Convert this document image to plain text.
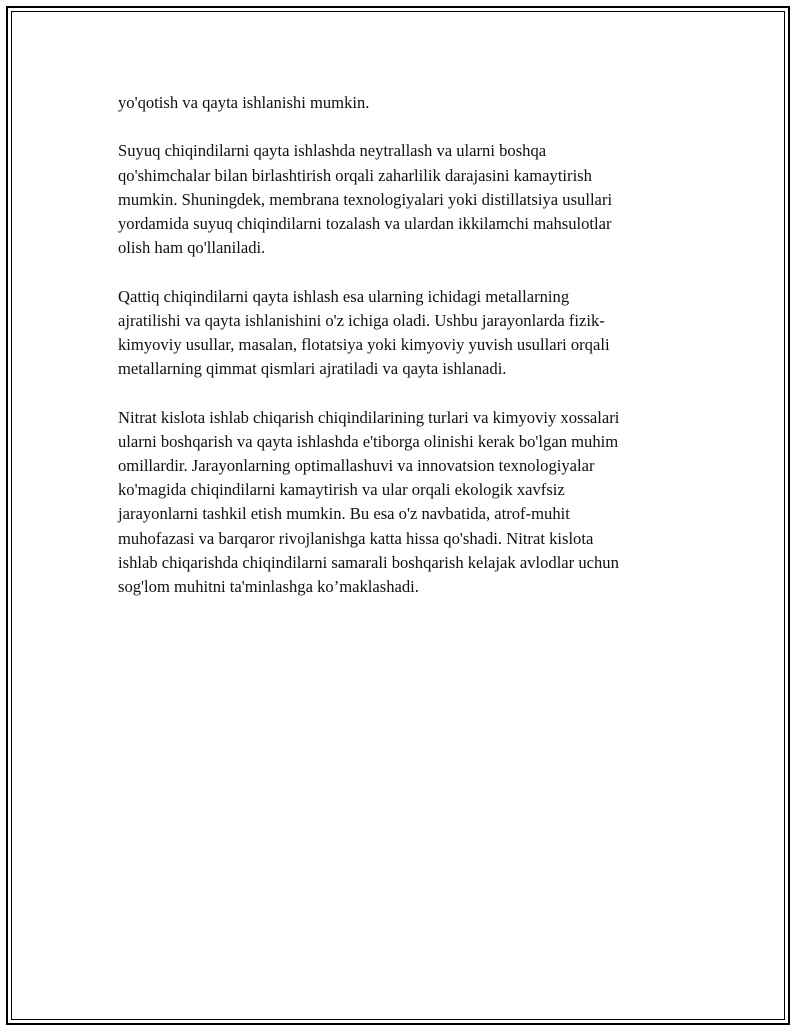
yo'qotish va qayta ishlanishi mumkin.

Suyuq chiqindilarni qayta ishlashda neytrallash va ularni boshqa
qo'shimchalar bilan birlashtirish orqali zaharlilik darajasini kamaytirish
mumkin. Shuningdek, membrana texnologiyalari yoki distillatsiya usullari
yordamida suyuq chiqindilarni tozalash va ulardan ikkilamchi mahsulotlar
olish ham qo'llaniladi.

Qattiq chiqindilarni qayta ishlash esa ularning ichidagi metallarning
ajratilishi va qayta ishlanishini o'z ichiga oladi. Ushbu jarayonlarda fizik-
kimyoviy usullar, masalan, flotatsiya yoki kimyoviy yuvish usullari orqali
metallarning qimmat qismlari ajratiladi va qayta ishlanadi.

Nitrat kislota ishlab chiqarish chiqindilarining turlari va kimyoviy xossalari
ularni boshqarish va qayta ishlashda e'tiborga olinishi kerak bo'lgan muhim
omillardir. Jarayonlarning optimallashuvi va innovatsion texnologiyalar
ko'magida chiqindilarni kamaytirish va ular orqali ekologik xavfsiz
jarayonlarni tashkil etish mumkin. Bu esa o'z navbatida, atrof-muhit
muhofazasi va barqaror rivojlanishga katta hissa qo'shadi. Nitrat kislota
ishlab chiqarishda chiqindilarni samarali boshqarish kelajak avlodlar uchun
sog'lom muhitni ta'minlashga ko’maklashadi.
